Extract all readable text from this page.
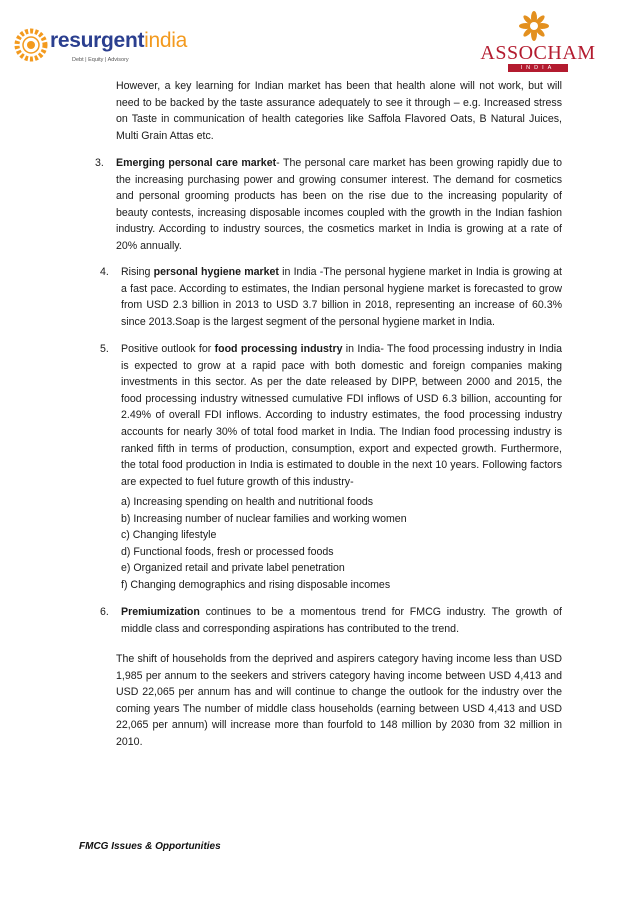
resurgentindia
Debt | Equity | Advisory	ASSOCHAM
INDIA

However, a key learning for Indian market has been that health alone will not work, but will need to be backed by the taste assurance adequately to see it through – e.g. Increased stress on Taste in communication of health categories like Saffola Flavored Oats, B Natural Juices, Multi Grain Attas etc.

3. Emerging personal care market- The personal care market has been growing rapidly due to the increasing purchasing power and growing consumer interest. The demand for cosmetics and personal grooming products has been on the rise due to the increasing popularity of beauty contests, increasing disposable incomes coupled with the growth in the Indian fashion industry. According to industry sources, the cosmetics market in India is growing at a rate of 20% annually.

4. Rising personal hygiene market in India -The personal hygiene market in India is growing at a fast pace. According to estimates, the Indian personal hygiene market is forecasted to grow from USD 2.3 billion in 2013 to USD 3.7 billion in 2018, representing an increase of 60.3% since 2013.Soap is the largest segment of the personal hygiene market in India.

5. Positive outlook for food processing industry in India- The food processing industry in India is expected to grow at a rapid pace with both domestic and foreign companies making investments in this sector. As per the date released by DIPP, between 2000 and 2015, the food processing industry witnessed cumulative FDI inflows of USD 6.3 billion, accounting for 2.49% of overall FDI inflows. According to industry estimates, the food processing industry accounts for nearly 30% of total food market in India. The Indian food processing industry is ranked fifth in terms of production, consumption, export and expected growth. Furthermore, the total food production in India is estimated to double in the next 10 years. Following factors are expected to fuel future growth of this industry-

a) Increasing spending on health and nutritional foods
b) Increasing number of nuclear families and working women
c) Changing lifestyle
d) Functional foods, fresh or processed foods
e) Organized retail and private label penetration
f) Changing demographics and rising disposable incomes
6. Premiumization continues to be a momentous trend for FMCG industry. The growth of middle class and corresponding aspirations has contributed to the trend.

The shift of households from the deprived and aspirers category having income less than USD 1,985 per annum to the seekers and strivers category having income between USD 4,413 and USD 22,065 per annum has and will continue to change the outlook for the industry over the coming years The number of middle class households (earning between USD 4,413 and USD 22,065 per annum) will increase more than fourfold to 148 million by 2030 from 32 million in 2010.

FMCG Issues & Opportunities
